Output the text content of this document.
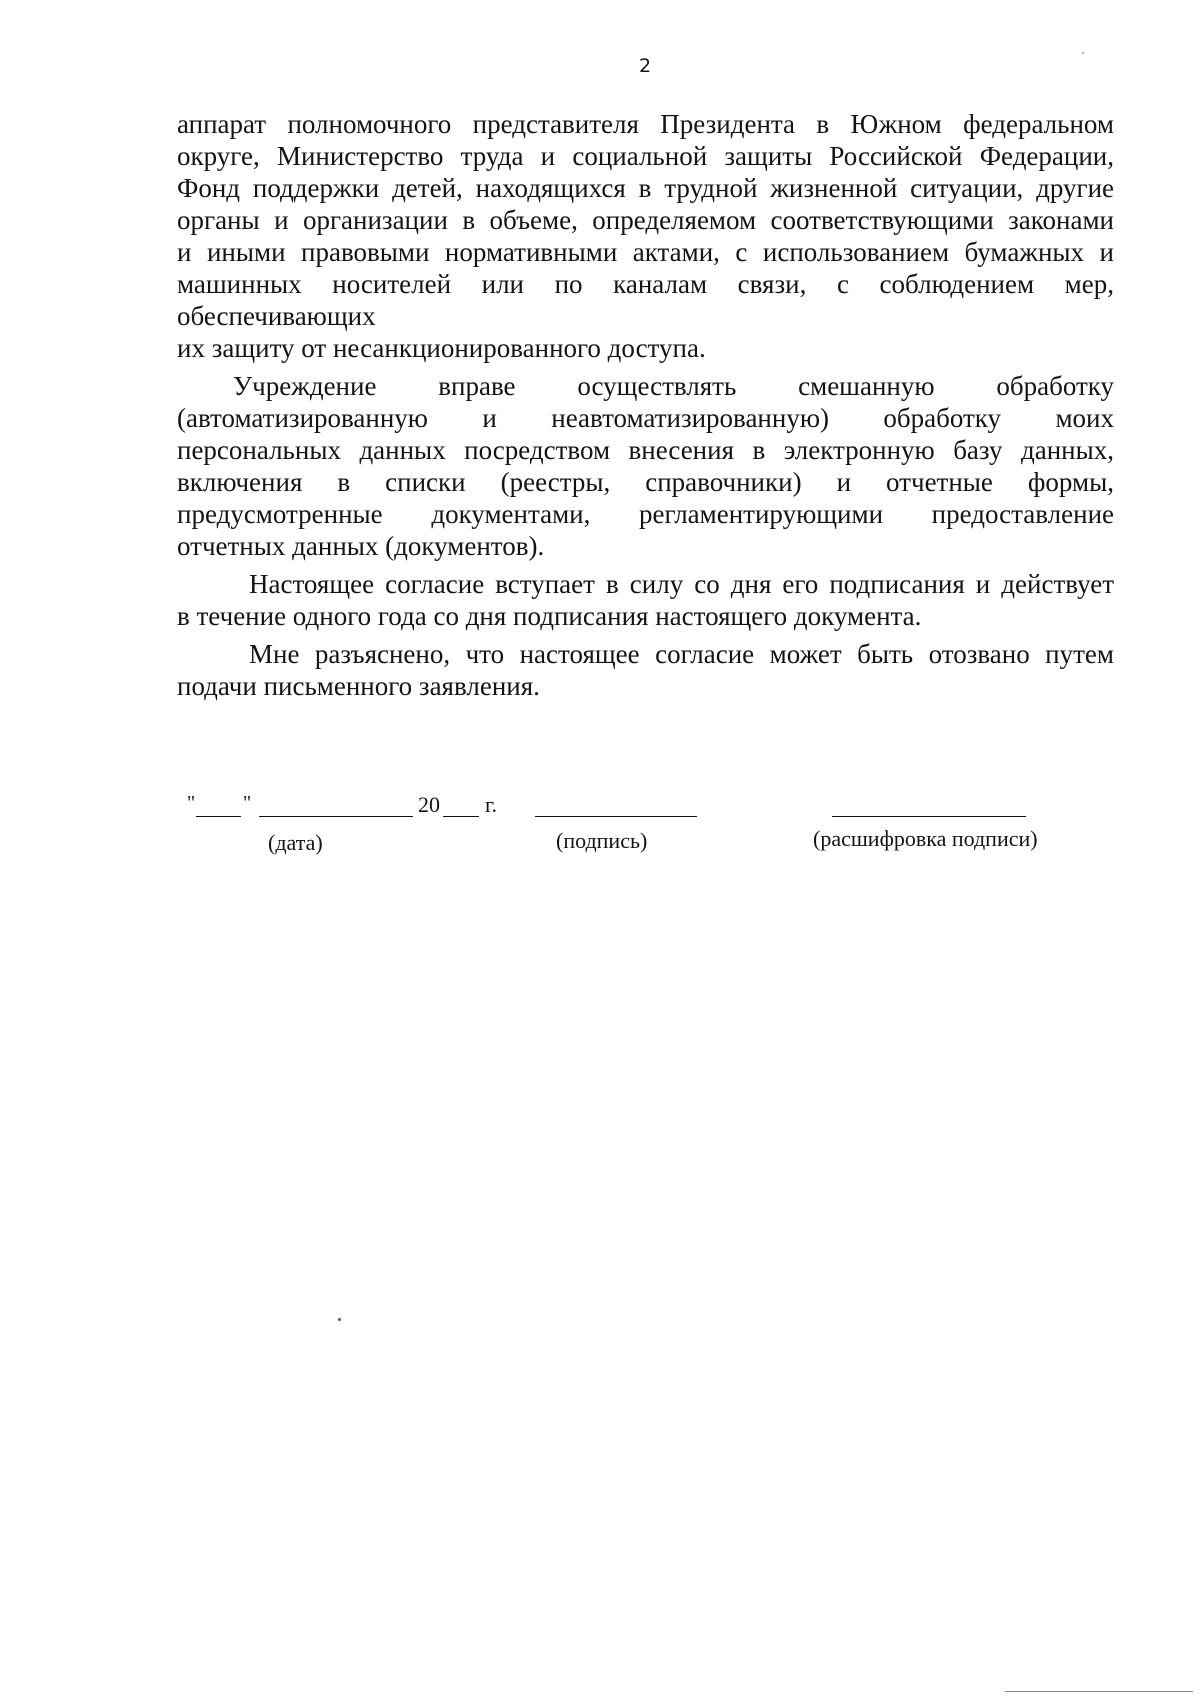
2

аппарат полномочного представителя Президента в Южном федеральном
округе, Министерство труда и социальной защиты Российской Федерации,
Фонд поддержки детей, находящихся в трудной жизненной ситуации, другие
органы и организации в объеме, определяемом соответствующими законами
и иными правовыми нормативными актами, с использованием бумажных и
машинных носителей или по каналам связи, с соблюдением мер,
обеспечивающих
их защиту от несанкционированного доступа.

Учреждение вправе осуществлять смешанную обработку
(автоматизированную и неавтоматизированную) обработку моих
персональных данных посредством внесения в электронную базу данных,
включения в списки (реестры, справочники) и отчетные формы,
предусмотренные документами, регламентирующими предоставление
отчетных данных (документов).

Настоящее согласие вступает в силу со дня его подписания и действует
в течение одного года со дня подписания настоящего документа.

Мне разъяснено, что настоящее согласие может быть отозвано путем
подачи письменного заявления.

" "	20 г.
(дата)	(подпись)	(расшифровка подписи)
